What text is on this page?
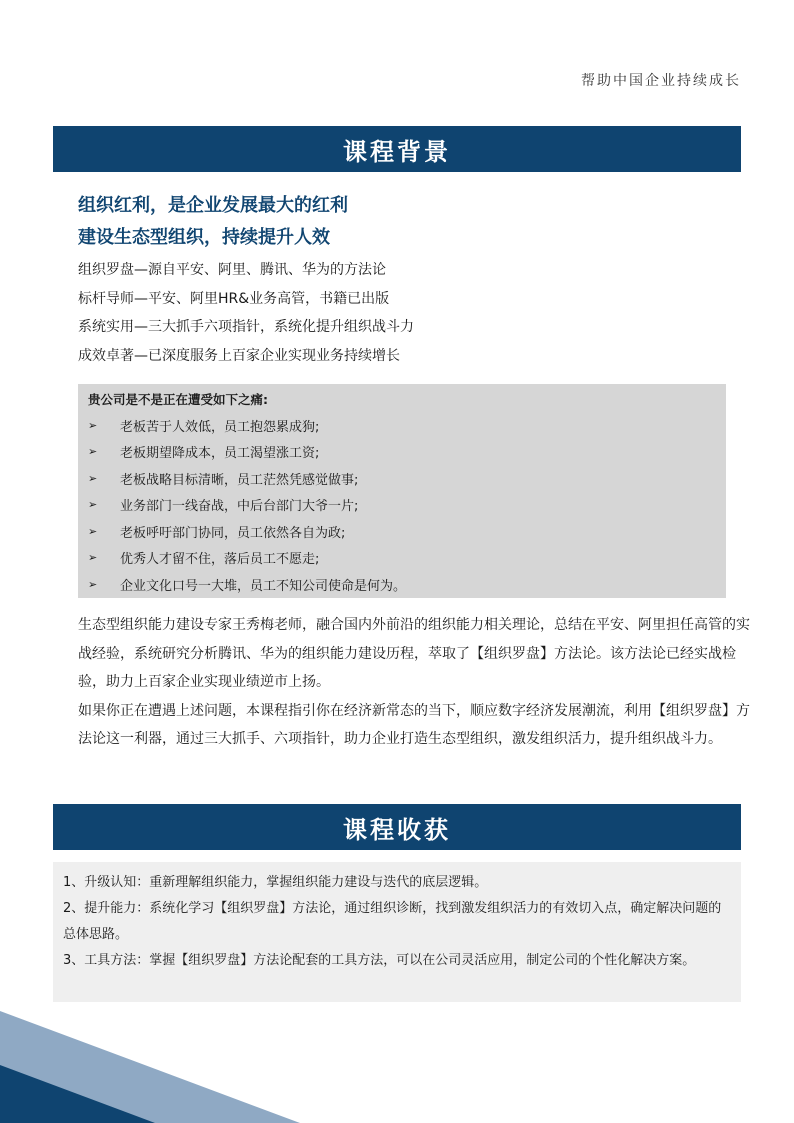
帮助中国企业持续成长
课程背景
组织红利，是企业发展最大的红利
建设生态型组织，持续提升人效
组织罗盘—源自平安、阿里、腾讯、华为的方法论
标杆导师—平安、阿里HR&业务高管，书籍已出版
系统实用—三大抓手六项指针，系统化提升组织战斗力
成效卓著—已深度服务上百家企业实现业务持续增长
贵公司是不是正在遭受如下之痛:
➢	老板苦于人效低，员工抱怨累成狗;
➢	老板期望降成本，员工渴望涨工资;
➢	老板战略目标清晰，员工茫然凭感觉做事;
➢	业务部门一线奋战，中后台部门大爷一片;
➢	老板呼吁部门协同，员工依然各自为政;
➢	优秀人才留不住，落后员工不愿走;
➢	企业文化口号一大堆，员工不知公司使命是何为。

生态型组织能力建设专家王秀梅老师，融合国内外前沿的组织能力相关理论，总结在平安、阿里担任高管的实战经验，系统研究分析腾讯、华为的组织能力建设历程，萃取了【组织罗盘】方法论。该方法论已经实战检验，助力上百家企业实现业绩逆市上扬。

如果你正在遭遇上述问题，本课程指引你在经济新常态的当下，顺应数字经济发展潮流，利用【组织罗盘】方法论这一利器，通过三大抓手、六项指针，助力企业打造生态型组织，激发组织活力，提升组织战斗力。

课程收获

1、升级认知：重新理解组织能力，掌握组织能力建设与迭代的底层逻辑。

2、提升能力：系统化学习【组织罗盘】方法论，通过组织诊断，找到激发组织活力的有效切入点，确定解决问题的总体思路。

3、工具方法：掌握【组织罗盘】方法论配套的工具方法，可以在公司灵活应用，制定公司的个性化解决方案。
